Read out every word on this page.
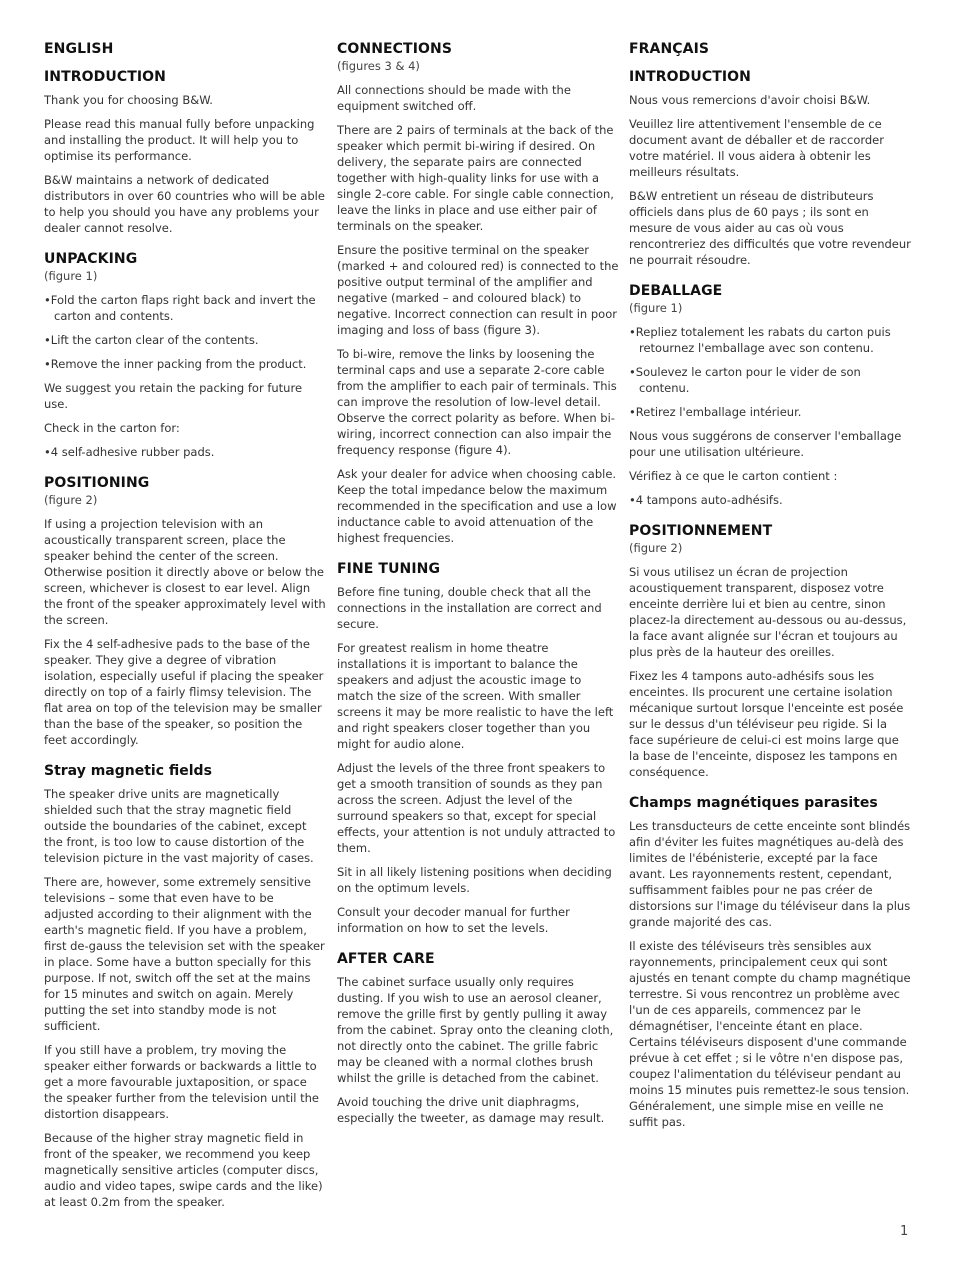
ENGLISH
INTRODUCTION

Thank you for choosing B&W.

Please read this manual fully before unpacking and installing the product. It will help you to optimise its performance.

B&W maintains a network of dedicated distributors in over 60 countries who will be able to help you should you have any problems your dealer cannot resolve.

UNPACKING
(figure 1)

•Fold the carton flaps right back and invert the carton and contents.

•Lift the carton clear of the contents.

•Remove the inner packing from the product.

We suggest you retain the packing for future use.

Check in the carton for:

•4 self-adhesive rubber pads.

POSITIONING
(figure 2)

If using a projection television with an acoustically transparent screen, place the speaker behind the center of the screen. Otherwise position it directly above or below the screen, whichever is closest to ear level. Align the front of the speaker approximately level with the screen.

Fix the 4 self-adhesive pads to the base of the speaker. They give a degree of vibration isolation, especially useful if placing the speaker directly on top of a fairly flimsy television. The flat area on top of the television may be smaller than the base of the speaker, so position the feet accordingly.

Stray magnetic fields

The speaker drive units are magnetically shielded such that the stray magnetic field outside the boundaries of the cabinet, except the front, is too low to cause distortion of the television picture in the vast majority of cases.

There are, however, some extremely sensitive televisions – some that even have to be adjusted according to their alignment with the earth's magnetic field. If you have a problem, first de-gauss the television set with the speaker in place. Some have a button specially for this purpose. If not, switch off the set at the mains for 15 minutes and switch on again. Merely putting the set into standby mode is not sufficient.

If you still have a problem, try moving the speaker either forwards or backwards a little to get a more favourable juxtaposition, or space the speaker further from the television until the distortion disappears.

Because of the higher stray magnetic field in front of the speaker, we recommend you keep magnetically sensitive articles (computer discs, audio and video tapes, swipe cards and the like) at least 0.2m from the speaker.

CONNECTIONS
(figures 3 & 4)

All connections should be made with the equipment switched off.

There are 2 pairs of terminals at the back of the speaker which permit bi-wiring if desired. On delivery, the separate pairs are connected together with high-quality links for use with a single 2-core cable. For single cable connection, leave the links in place and use either pair of terminals on the speaker.

Ensure the positive terminal on the speaker (marked + and coloured red) is connected to the positive output terminal of the amplifier and negative (marked – and coloured black) to negative. Incorrect connection can result in poor imaging and loss of bass (figure 3).

To bi-wire, remove the links by loosening the terminal caps and use a separate 2-core cable from the amplifier to each pair of terminals. This can improve the resolution of low-level detail. Observe the correct polarity as before. When bi-wiring, incorrect connection can also impair the frequency response (figure 4).

Ask your dealer for advice when choosing cable. Keep the total impedance below the maximum recommended in the specification and use a low inductance cable to avoid attenuation of the highest frequencies.

FINE TUNING

Before fine tuning, double check that all the connections in the installation are correct and secure.

For greatest realism in home theatre installations it is important to balance the speakers and adjust the acoustic image to match the size of the screen. With smaller screens it may be more realistic to have the left and right speakers closer together than you might for audio alone.

Adjust the levels of the three front speakers to get a smooth transition of sounds as they pan across the screen. Adjust the level of the surround speakers so that, except for special effects, your attention is not unduly attracted to them.

Sit in all likely listening positions when deciding on the optimum levels.

Consult your decoder manual for further information on how to set the levels.

AFTER CARE

The cabinet surface usually only requires dusting. If you wish to use an aerosol cleaner, remove the grille first by gently pulling it away from the cabinet. Spray onto the cleaning cloth, not directly onto the cabinet. The grille fabric may be cleaned with a normal clothes brush whilst the grille is detached from the cabinet.

Avoid touching the drive unit diaphragms, especially the tweeter, as damage may result.

FRANÇAIS
INTRODUCTION

Nous vous remercions d'avoir choisi B&W.

Veuillez lire attentivement l'ensemble de ce document avant de déballer et de raccorder votre matériel. Il vous aidera à obtenir les meilleurs résultats.

B&W entretient un réseau de distributeurs officiels dans plus de 60 pays ; ils sont en mesure de vous aider au cas où vous rencontreriez des difficultés que votre revendeur ne pourrait résoudre.

DEBALLAGE
(figure 1)

•Repliez totalement les rabats du carton puis retournez l'emballage avec son contenu.

•Soulevez le carton pour le vider de son contenu.

•Retirez l'emballage intérieur.

Nous vous suggérons de conserver l'emballage pour une utilisation ultérieure.

Vérifiez à ce que le carton contient :

•4 tampons auto-adhésifs.

POSITIONNEMENT
(figure 2)

Si vous utilisez un écran de projection acoustiquement transparent, disposez votre enceinte derrière lui et bien au centre, sinon placez-la directement au-dessous ou au-dessus, la face avant alignée sur l'écran et toujours au plus près de la hauteur des oreilles.

Fixez les 4 tampons auto-adhésifs sous les enceintes. Ils procurent une certaine isolation mécanique surtout lorsque l'enceinte est posée sur le dessus d'un téléviseur peu rigide. Si la face supérieure de celui-ci est moins large que la base de l'enceinte, disposez les tampons en conséquence.

Champs magnétiques parasites

Les transducteurs de cette enceinte sont blindés afin d'éviter les fuites magnétiques au-delà des limites de l'ébénisterie, excepté par la face avant. Les rayonnements restent, cependant, suffisamment faibles pour ne pas créer de distorsions sur l'image du téléviseur dans la plus grande majorité des cas.

Il existe des téléviseurs très sensibles aux rayonnements, principalement ceux qui sont ajustés en tenant compte du champ magnétique terrestre. Si vous rencontrez un problème avec l'un de ces appareils, commencez par le démagnétiser, l'enceinte étant en place. Certains téléviseurs disposent d'une commande prévue à cet effet ; si le vôtre n'en dispose pas, coupez l'alimentation du téléviseur pendant au moins 15 minutes puis remettez-le sous tension. Généralement, une simple mise en veille ne suffit pas.

1
